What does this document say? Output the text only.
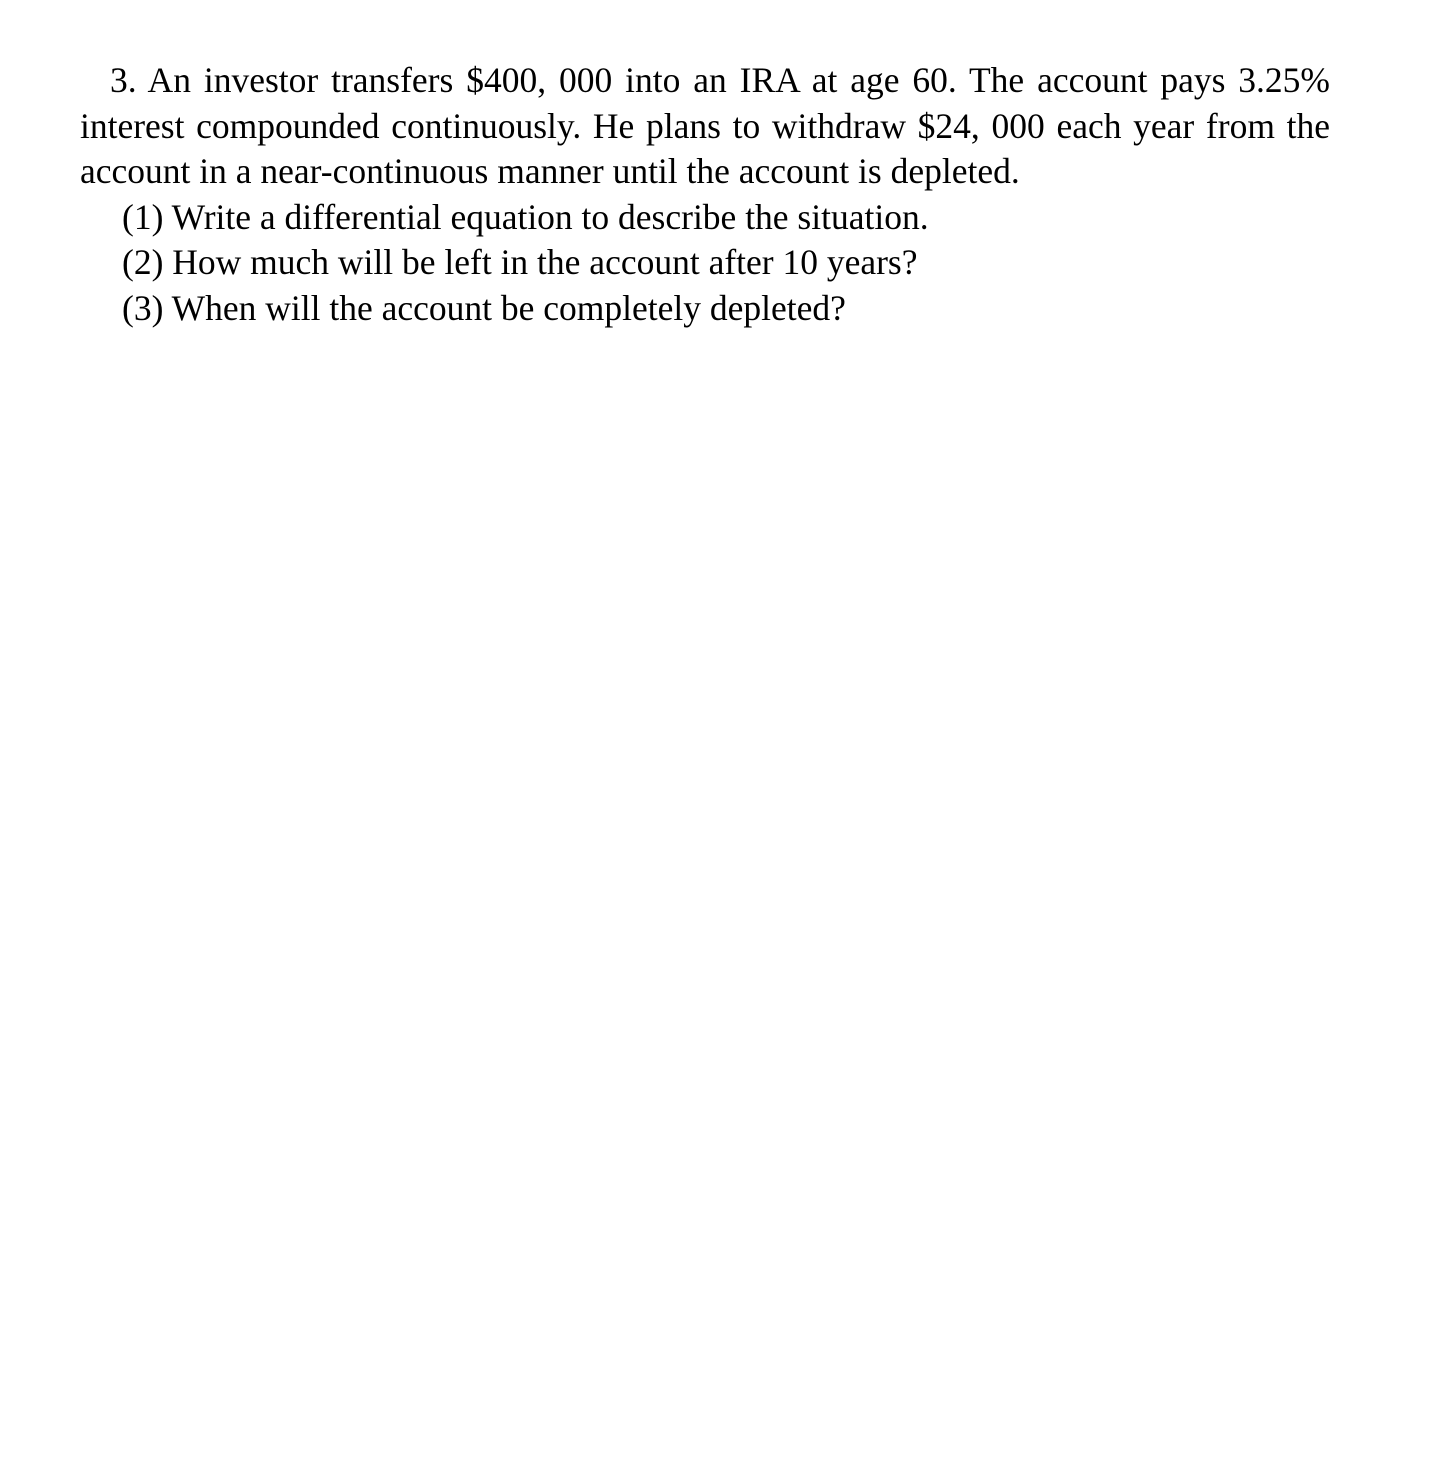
3. An investor transfers $400, 000 into an IRA at age 60. The account pays 3.25% interest compounded continuously. He plans to withdraw $24, 000 each year from the account in a near-continuous manner until the account is depleted.

(1) Write a differential equation to describe the situation.
(2) How much will be left in the account after 10 years?
(3) When will the account be completely depleted?
